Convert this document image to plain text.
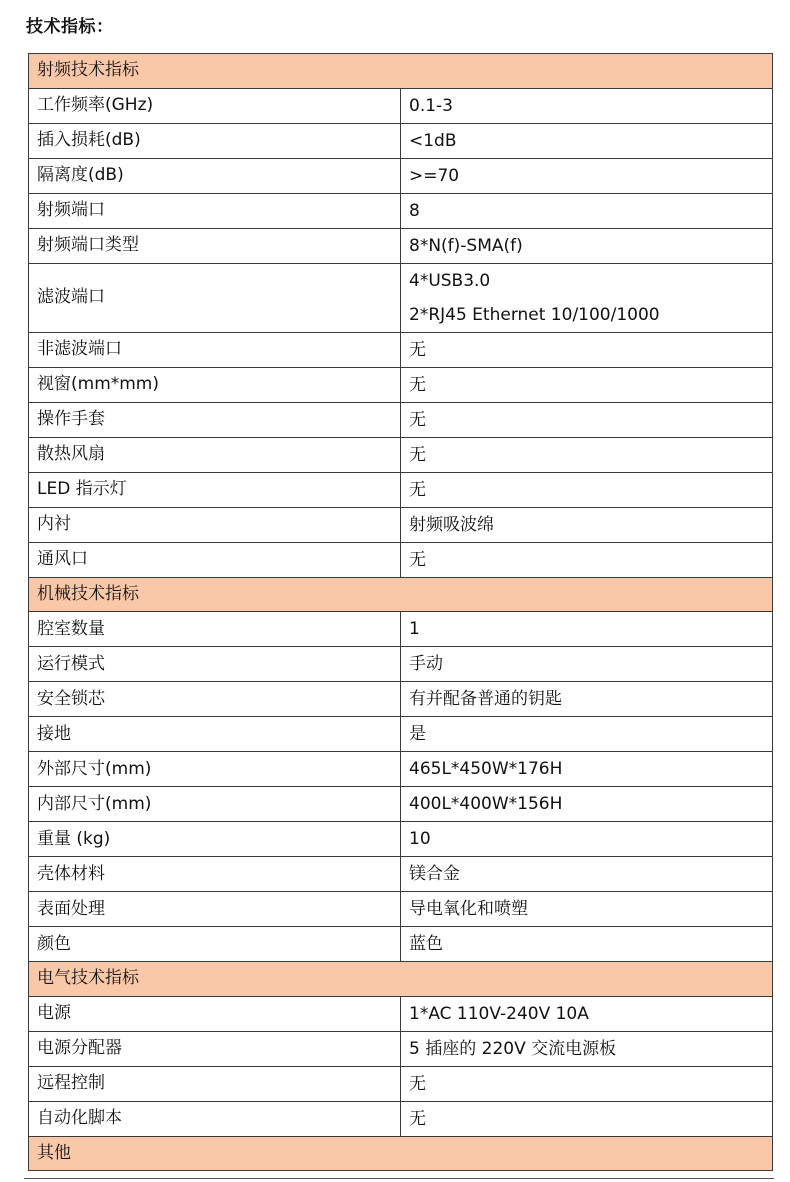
技术指标：
射频技术指标	
工作频率(GHz)	0.1-3

插入损耗(dB)	<1dB

隔离度(dB)	>=70

射频端口	8

射频端口类型	8*N(f)-SMA(f)

滤波端口	4*USB3.0
2*RJ45 Ethernet 10/100/1000

非滤波端口	无

视窗(mm*mm)	无

操作手套	无

散热风扇	无

LED 指示灯	无

内衬	射频吸波绵

通风口	无

机械技术指标	
腔室数量	1

运行模式	手动

安全锁芯	有并配备普通的钥匙

接地	是

外部尺寸(mm)	465L*450W*176H

内部尺寸(mm)	400L*400W*156H

重量 (kg)	10

壳体材料	镁合金

表面处理	导电氧化和喷塑

颜色	蓝色

电气技术指标	
电源	1*AC 110V-240V 10A

电源分配器	5 插座的 220V 交流电源板

远程控制	无

自动化脚本	无

其他	
